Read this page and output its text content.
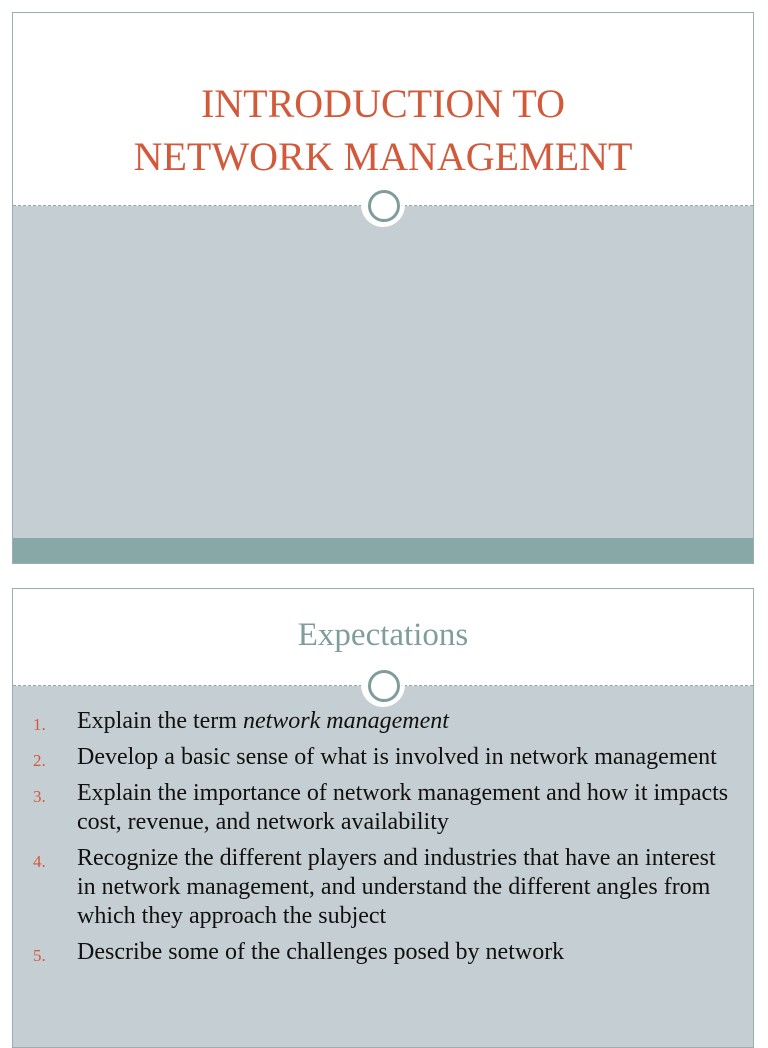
INTRODUCTION TO
NETWORK MANAGEMENT
Expectations
1. Explain the term network management
2. Develop a basic sense of what is involved in network management
3. Explain the importance of network management and how it impacts cost, revenue, and network availability
4. Recognize the different players and industries that have an interest in network management, and understand the different angles from which they approach the subject
5. Describe some of the challenges posed by network
